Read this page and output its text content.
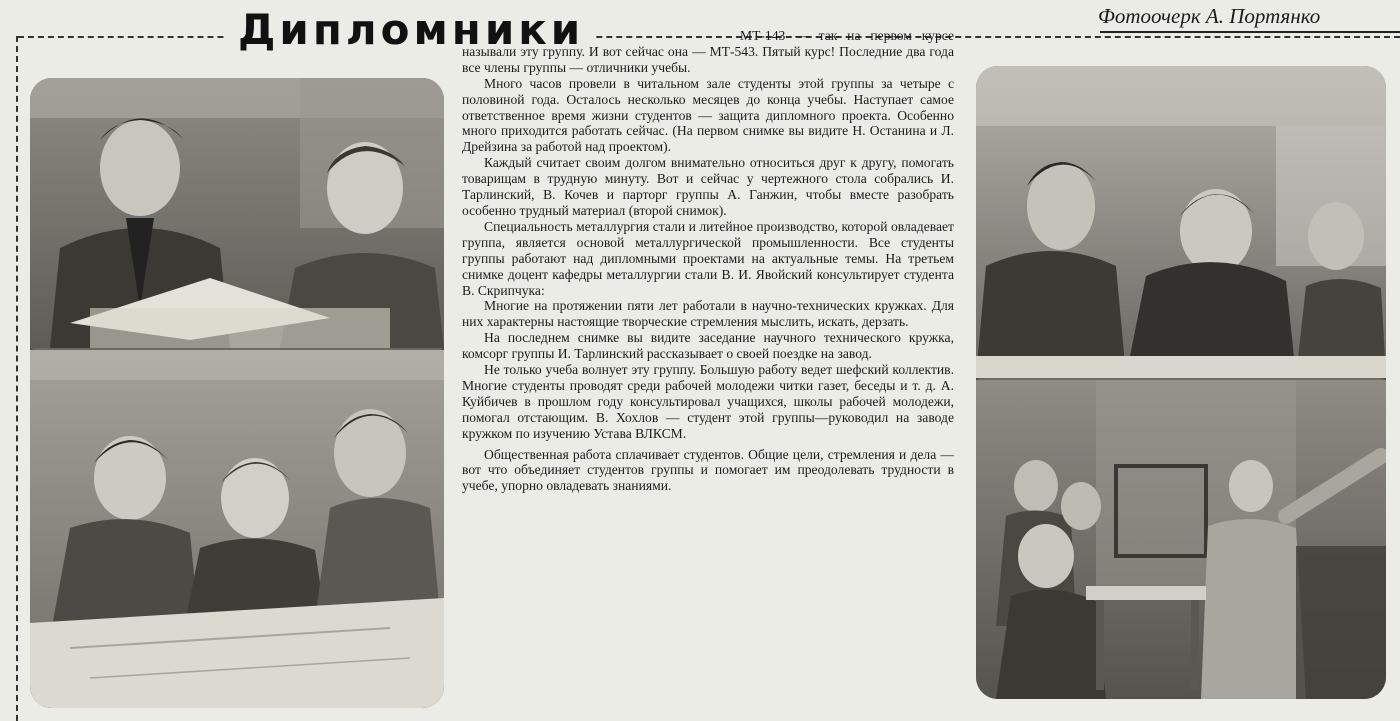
Дипломники	Фотоочерк А. Портянко

МТ-143 — так на первом курсе называли эту группу. И вот сейчас она — МТ-543. Пятый курс! Последние два года все члены группы — отличники учебы.

Много часов провели в читальном зале студенты этой группы за четыре с половиной года. Осталось несколько месяцев до конца учебы. Наступает самое ответственное время жизни студентов — защита дипломного проекта. Особенно много приходится работать сейчас. (На первом снимке вы видите Н. Останина и Л. Дрейзина за работой над проектом).

Каждый считает своим долгом внимательно относиться друг к другу, помогать товарищам в трудную минуту. Вот и сейчас у чертежного стола собрались И. Тарлинский, В. Кочев и парторг группы А. Ганжин, чтобы вместе разобрать особенно трудный материал (второй снимок).

Специальность металлургия стали и литейное производство, которой овладевает группа, является основой металлургической промышленности. Все студенты группы работают над дипломными проектами на актуальные темы. На третьем снимке доцент кафедры металлургии стали В. И. Явойский консультирует студента В. Скрипчука:

Многие на протяжении пяти лет работали в научно-технических кружках. Для них характерны настоящие творческие стремления мыслить, искать, дерзать.

На последнем снимке вы видите заседание научного технического кружка, комсорг группы И. Тарлинский рассказывает о своей поездке на завод.

Не только учеба волнует эту группу. Большую работу ведет шефский коллектив. Многие студенты проводят среди рабочей молодежи читки газет, беседы и т. д. А. Куйбичев в прошлом году консультировал учащихся, школы рабочей молодежи, помогал отстающим. В. Хохлов — студент этой группы—руководил на заводе кружком по изучению Устава ВЛКСМ.

Общественная работа сплачивает студентов. Общие цели, стремления и дела — вот что объединяет студентов группы и помогает им преодолевать трудности в учебе, упорно овладевать знаниями.
